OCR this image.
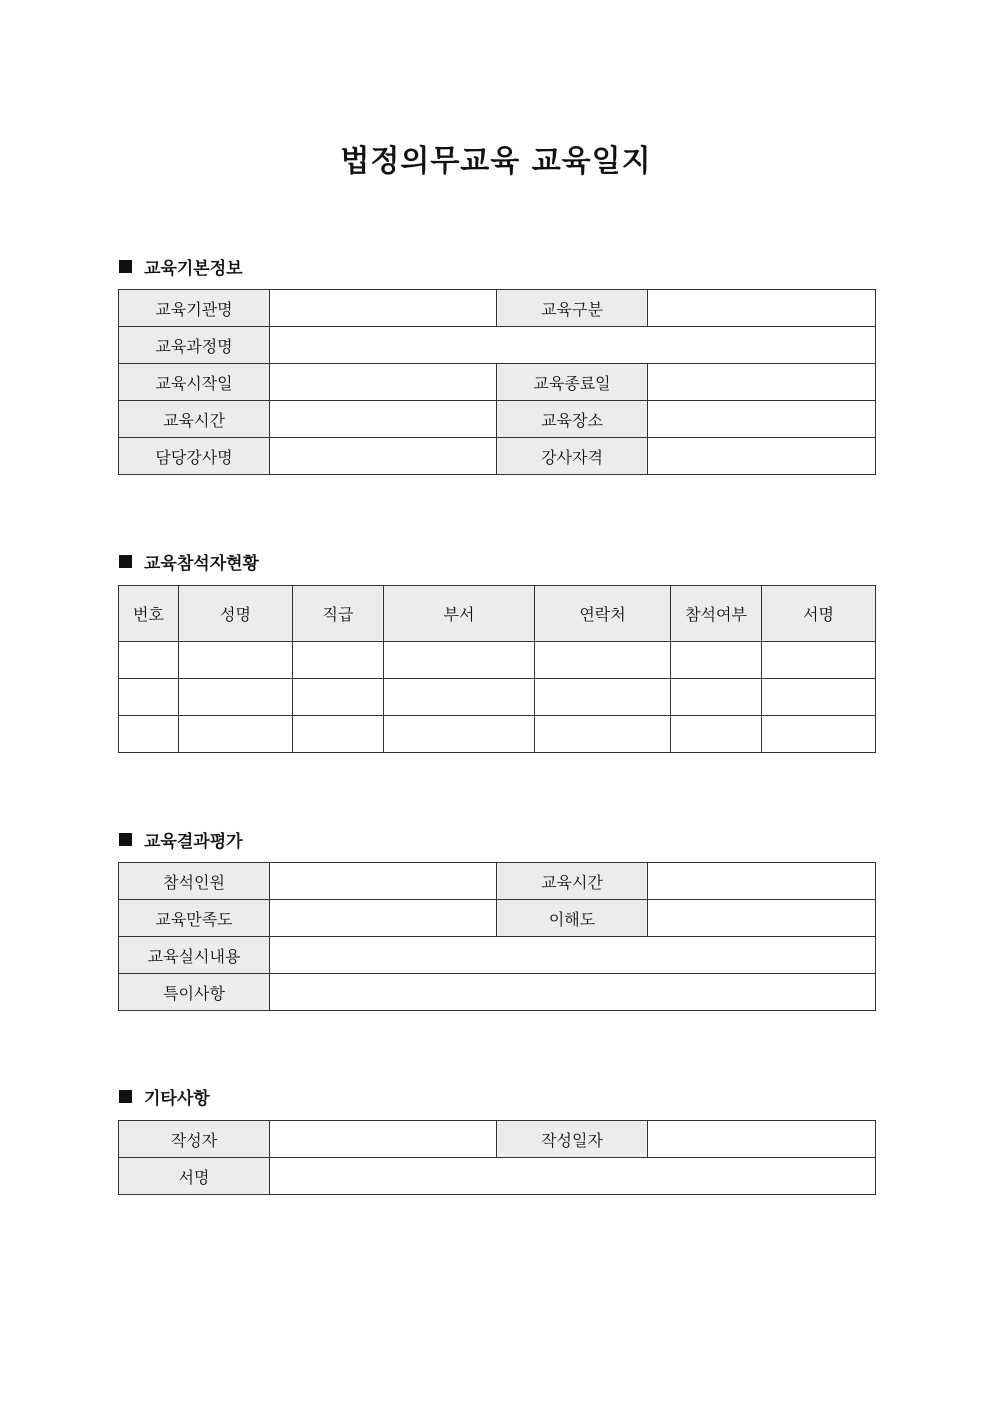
법정의무교육 교육일지
교육기본정보
교육기관명		교육구분	
교육과정명			
교육시작일		교육종료일	
교육시간		교육장소	
담당강사명		강사자격	
교육참석자현황
번호	성명	직급	부서	연락처	참석여부	서명

교육결과평가
참석인원		교육시간	
교육만족도		이해도	
교육실시내용			
특이사항			
기타사항
작성자		작성일자	
서명			
